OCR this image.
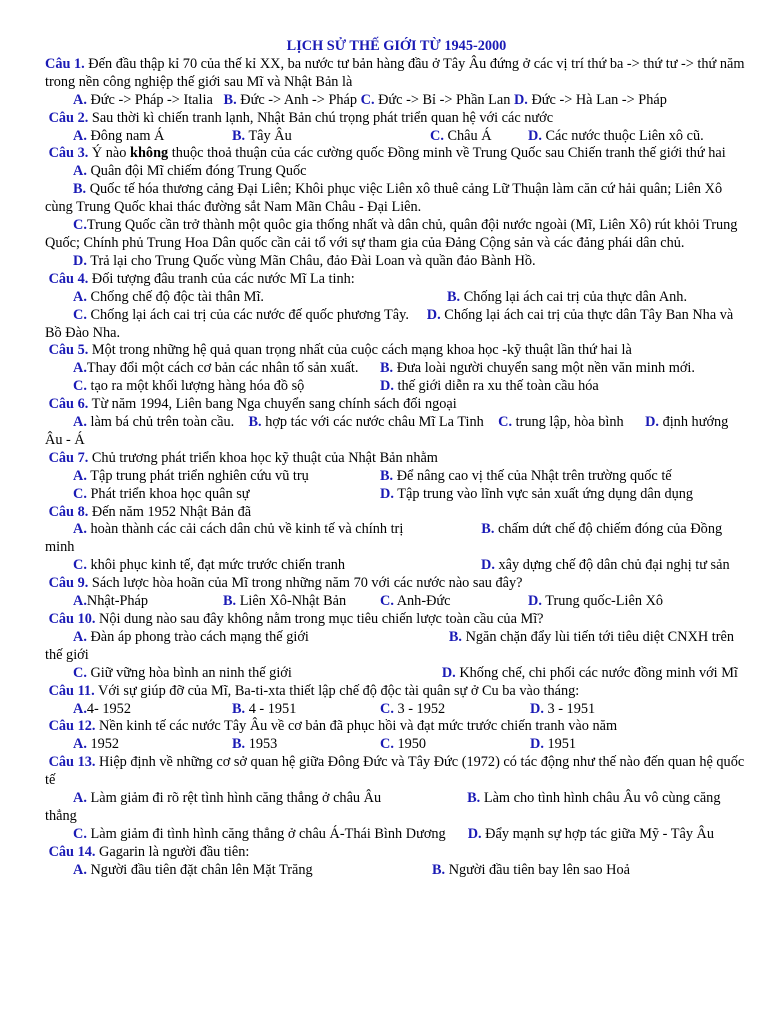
LỊCH SỬ THẾ GIỚI TỪ 1945-2000
Câu 1. Đến đầu thập kỉ 70 của thế kỉ XX, ba nước tư bản hàng đầu ở Tây Âu đứng ở các vị trí thứ ba -> thứ tư -> thứ năm trong nền công nghiệp thế giới sau Mĩ và Nhật Bản là
A. Đức -> Pháp -> Italia B. Đức -> Anh -> Pháp C. Đức -> Bỉ -> Phần Lan D. Đức -> Hà Lan -> Pháp
Câu 2. Sau thời kì chiến tranh lạnh, Nhật Bản chú trọng phát triển quan hệ với các nước
A. Đông nam Á	B. Tây Âu	C. Châu Á	D. Các nước thuộc Liên xô cũ.
Câu 3. Ý nào không thuộc thoả thuận của các cường quốc Đồng minh về Trung Quốc sau Chiến tranh thế giới thứ hai
A. Quân đội Mĩ chiếm đóng Trung Quốc
B. Quốc tế hóa thương cảng Đại Liên; Khôi phục việc Liên xô thuê cảng Lữ Thuận làm căn cứ hải quân; Liên Xô cùng Trung Quốc khai thác đường sắt Nam Mãn Châu - Đại Liên.
C.Trung Quốc cần trở thành một quôc gia thống nhất và dân chủ, quân đội nước ngoài (Mĩ, Liên Xô) rút khỏi Trung Quốc; Chính phủ Trung Hoa Dân quốc cần cải tổ với sự tham gia của Đảng Cộng sản và các đảng phái dân chủ.
D. Trả lại cho Trung Quốc vùng Mãn Châu, đảo Đài Loan và quần đảo Bành Hồ.
Câu 4. Đối tượng đâu tranh của các nước Mĩ La tinh:
A. Chống chế độ độc tài thân Mĩ.	B. Chống lại ách cai trị của thực dân Anh.
C. Chống lại ách cai trị của các nước đế quốc phương Tây. D. Chống lại ách cai trị của thực dân Tây Ban Nha và Bồ Đào Nha.
Câu 5. Một trong những hệ quả quan trọng nhất của cuộc cách mạng khoa học -kỹ thuật lần thứ hai là
A.Thay đổi một cách cơ bản các nhân tố sản xuất.	B. Đưa loài người chuyển sang một nền văn minh mới.
C. tạo ra một khối lượng hàng hóa đồ sộ	D. thế giới diễn ra xu thế toàn cầu hóa
Câu 6. Từ năm 1994, Liên bang Nga chuyển sang chính sách đối ngoại
A. làm bá chủ trên toàn cầu. B. hợp tác với các nước châu Mĩ La Tinh C. trung lập, hòa bình D. định hướng Âu - Á
Câu 7. Chủ trương phát triển khoa học kỹ thuật của Nhật Bản nhằm
A. Tập trung phát triển nghiên cứu vũ trụ	B. Để nâng cao vị thế của Nhật trên trường quốc tế
C. Phát triển khoa học quân sự	D. Tập trung vào lĩnh vực sản xuất ứng dụng dân dụng
Câu 8. Đến năm 1952 Nhật Bản đã
A. hoàn thành các cải cách dân chủ về kinh tế và chính trị	B. chấm dứt chế độ chiếm đóng của Đồng minh
C. khôi phục kinh tế, đạt mức trước chiến tranh	D. xây dựng chế độ dân chủ đại nghị tư sản
Câu 9. Sách lược hòa hoãn của Mĩ trong những năm 70 với các nước nào sau đây?
A.Nhật-Pháp	B. Liên Xô-Nhật Bản	C. Anh-Đức	D. Trung quốc-Liên Xô
Câu 10. Nội dung nào sau đây không nằm trong mục tiêu chiến lược toàn cầu của Mĩ?
A. Đàn áp phong trào cách mạng thế giới	B. Ngăn chặn đẩy lùi tiến tới tiêu diệt CNXH trên thế giới
C. Giữ vững hòa bình an ninh thế giới	D. Khống chế, chi phối các nước đồng minh với Mĩ
Câu 11. Với sự giúp đỡ của Mĩ, Ba-ti-xta thiết lập chế độ độc tài quân sự ở Cu ba vào tháng:
A.4- 1952	B. 4 - 1951	C. 3 - 1952	D. 3 - 1951
Câu 12. Nền kinh tế các nước Tây Âu về cơ bản đã phục hồi và đạt mức trước chiến tranh vào năm
A. 1952	B. 1953	C. 1950	D. 1951
Câu 13. Hiệp định về những cơ sở quan hệ giữa Đông Đức và Tây Đức (1972) có tác động như thế nào đến quan hệ quốc tế
A. Làm giảm đi rõ rệt tình hình căng thẳng ở châu Âu	B. Làm cho tình hình châu Âu vô cùng căng thẳng
C. Làm giảm đi tình hình căng thẳng ở châu Á-Thái Bình Dương D. Đẩy mạnh sự hợp tác giữa Mỹ - Tây Âu
Câu 14. Gagarin là người đầu tiên:
A. Người đầu tiên đặt chân lên Mặt Trăng	B. Người đầu tiên bay lên sao Hoả
